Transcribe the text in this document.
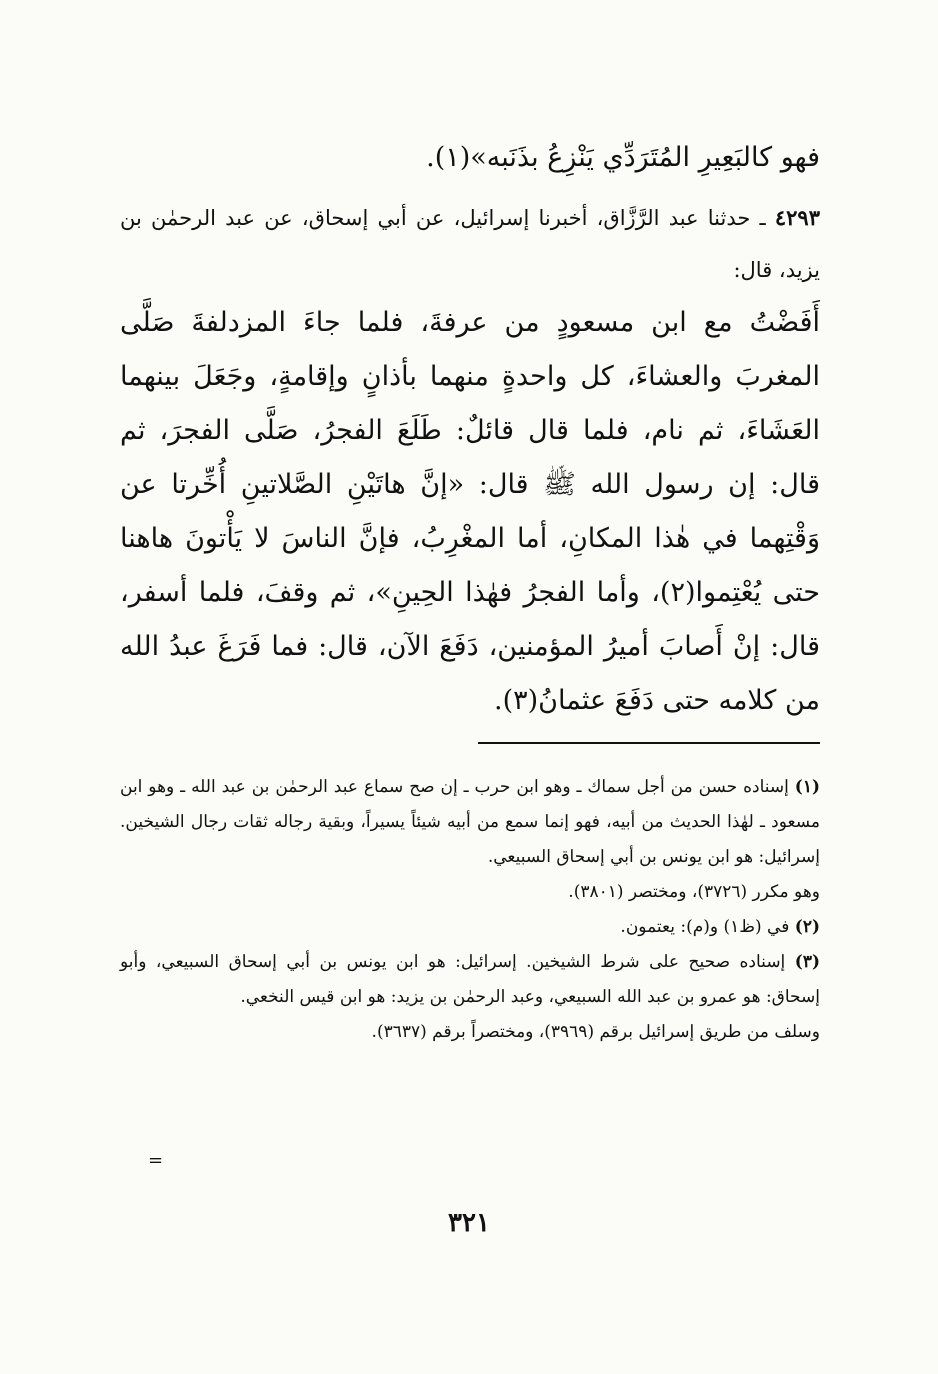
فهو كالبَعِيرِ المُتَرَدِّي يَنْزِعُ بذَنَبه»(١).
٤٢٩٣ ـ حدثنا عبد الرَّزَّاق، أخبرنا إسرائيل، عن أبي إسحاق، عن عبد الرحمٰن بن يزيد، قال:
أَفَضْتُ مع ابن مسعودٍ من عرفةَ، فلما جاءَ المزدلفةَ صَلَّى المغربَ والعشاءَ، كل واحدةٍ منهما بأذانٍ وإقامةٍ، وجَعَلَ بينهما العَشَاءَ، ثم نام، فلما قال قائلٌ: طَلَعَ الفجرُ، صَلَّى الفجرَ، ثم قال: إن رسول الله ﷺ قال: «إنَّ هاتَيْنِ الصَّلاتينِ أُخِّرتا عن وَقْتِهما في هٰذا المكانِ، أما المغْرِبُ، فإنَّ الناسَ لا يَأْتونَ هاهنا حتى يُعْتِموا(٢)، وأما الفجرُ فهٰذا الحِينِ»، ثم وقفَ، فلما أسفر، قال: إنْ أَصابَ أميرُ المؤمنين، دَفَعَ الآن، قال: فما فَرَغَ عبدُ الله من كلامه حتى دَفَعَ عثمانُ(٣).

(١) إسناده حسن من أجل سماك ـ وهو ابن حرب ـ إن صح سماع عبد الرحمٰن بن عبد الله ـ وهو ابن مسعود ـ لهٰذا الحديث من أبيه، فهو إنما سمع من أبيه شيئاً يسيراً، وبقية رجاله ثقات رجال الشيخين. إسرائيل: هو ابن يونس بن أبي إسحاق السبيعي.

وهو مكرر (٣٧٢٦)، ومختصر (٣٨٠١).

(٢) في (ظ١) و(م): يعتمون.

(٣) إسناده صحيح على شرط الشيخين. إسرائيل: هو ابن يونس بن أبي إسحاق السبيعي، وأبو إسحاق: هو عمرو بن عبد الله السبيعي، وعبد الرحمٰن بن يزيد: هو ابن قيس النخعي.

وسلف من طريق إسرائيل برقم (٣٩٦٩)، ومختصراً برقم (٣٦٣٧).

=
٣٢١
